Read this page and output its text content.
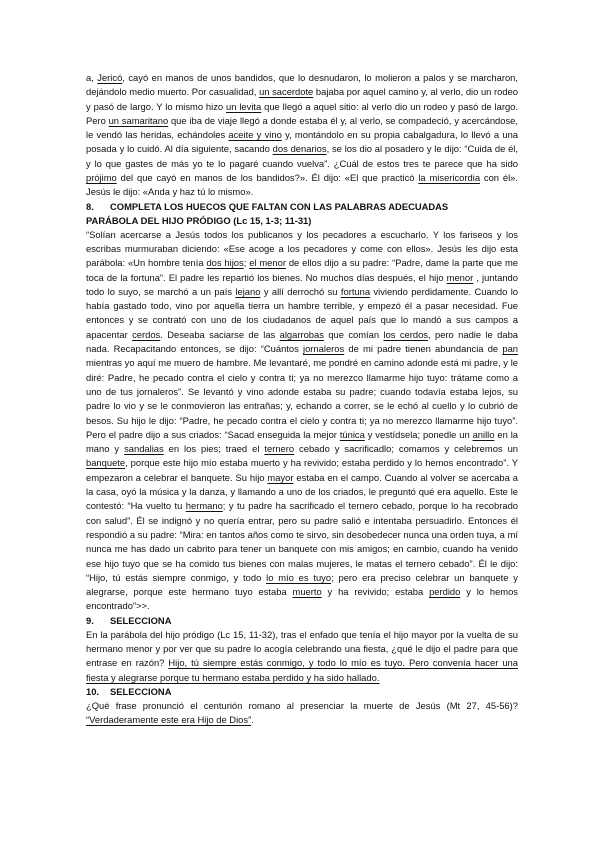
a, Jericó, cayó en manos de unos bandidos, que lo desnudaron, lo molieron a palos y se marcharon, dejándolo medio muerto. Por casualidad, un sacerdote bajaba por aquel camino y, al verlo, dio un rodeo y pasó de largo. Y lo mismo hizo un levita que llegó a aquel sitio: al verlo dio un rodeo y pasó de largo. Pero un samaritano que iba de viaje llegó a donde estaba él y, al verlo, se compadeció, y acercándose, le vendó las heridas, echándoles aceite y vino y, montándolo en su propia cabalgadura, lo llevó a una posada y lo cuidó. Al día siguiente, sacando dos denarios, se los dio al posadero y le dijo: “Cuida de él, y lo que gastes de más yo te lo pagaré cuando vuelva”. ¿Cuál de estos tres te parece que ha sido prójimo del que cayó en manos de los bandidos?». Él dijo: «El que practicó la misericordia con él». Jesús le dijo: «Anda y haz tú lo mismo».

8. COMPLETA LOS HUECOS QUE FALTAN CON LAS PALABRAS ADECUADAS

PARÁBOLA DEL HIJO PRÓDIGO (Lc 15, 1-3; 11-31)

“Solían acercarse a Jesús todos los publicanos y los pecadores a escucharlo. Y los fariseos y los escribas murmuraban diciendo: «Ese acoge a los pecadores y come con ellos». Jesús les dijo esta parábola: «Un hombre tenía dos hijos; el menor de ellos dijo a su padre: “Padre, dame la parte que me toca de la fortuna”. El padre les repartió los bienes. No muchos días después, el hijo menor , juntando todo lo suyo, se marchó a un país lejano y allí derrochó su fortuna viviendo perdidamente. Cuando lo había gastado todo, vino por aquella tierra un hambre terrible, y empezó él a pasar necesidad. Fue entonces y se contrató con uno de los ciudadanos de aquel país que lo mandó a sus campos a apacentar cerdos. Deseaba saciarse de las algarrobas que comían los cerdos, pero nadie le daba nada. Recapacitando entonces, se dijo: “Cuántos jornaleros de mi padre tienen abundancia de pan mientras yo aquí me muero de hambre. Me levantaré, me pondré en camino adonde está mi padre, y le diré: Padre, he pecado contra el cielo y contra ti; ya no merezco llamarme hijo tuyo: trátame como a uno de tus jornaleros”. Se levantó y vino adonde estaba su padre; cuando todavía estaba lejos, su padre lo vio y se le conmovieron las entrañas; y, echando a correr, se le echó al cuello y lo cubrió de besos. Su hijo le dijo: “Padre, he pecado contra el cielo y contra ti; ya no merezco llamarme hijo tuyo”. Pero el padre dijo a sus criados: “Sacad enseguida la mejor túnica y vestídsela; ponedle un anillo en la mano y sandalias en los pies; traed el ternero cebado y sacrificadlo; comamos y celebremos un banquete, porque este hijo mío estaba muerto y ha revivido; estaba perdido y lo hemos encontrado”. Y empezaron a celebrar el banquete. Su hijo mayor estaba en el campo. Cuando al volver se acercaba a la casa, oyó la música y la danza, y llamando a uno de los criados, le preguntó qué era aquello. Este le contestó: “Ha vuelto tu hermano; y tu padre ha sacrificado el ternero cebado, porque lo ha recobrado con salud”. Él se indignó y no quería entrar, pero su padre salió e intentaba persuadirlo. Entonces él respondió a su padre: “Mira: en tantos años como te sirvo, sin desobedecer nunca una orden tuya, a mí nunca me has dado un cabrito para tener un banquete con mis amigos; en cambio, cuando ha venido ese hijo tuyo que se ha comido tus bienes con malas mujeres, le matas el ternero cebado”. Él le dijo: “Hijo, tú estás siempre conmigo, y todo lo mío es tuyo; pero era preciso celebrar un banquete y alegrarse, porque este hermano tuyo estaba muerto y ha revivido; estaba perdido y lo hemos encontrado”>>.

9. SELECCIONA

En la parábola del hijo pródigo (Lc 15, 11-32), tras el enfado que tenía el hijo mayor por la vuelta de su hermano menor y por ver que su padre lo acogía celebrando una fiesta, ¿qué le dijo el padre para que entrase en razón? Hijo, tú siempre estás conmigo, y todo lo mío es tuyo. Pero convenía hacer una fiesta y alegrarse porque tu hermano estaba perdido y ha sido hallado.

10. SELECCIONA

¿Qué frase pronunció el centurión romano al presenciar la muerte de Jesús (Mt 27, 45-56)? “Verdaderamente este era Hijo de Dios”.
